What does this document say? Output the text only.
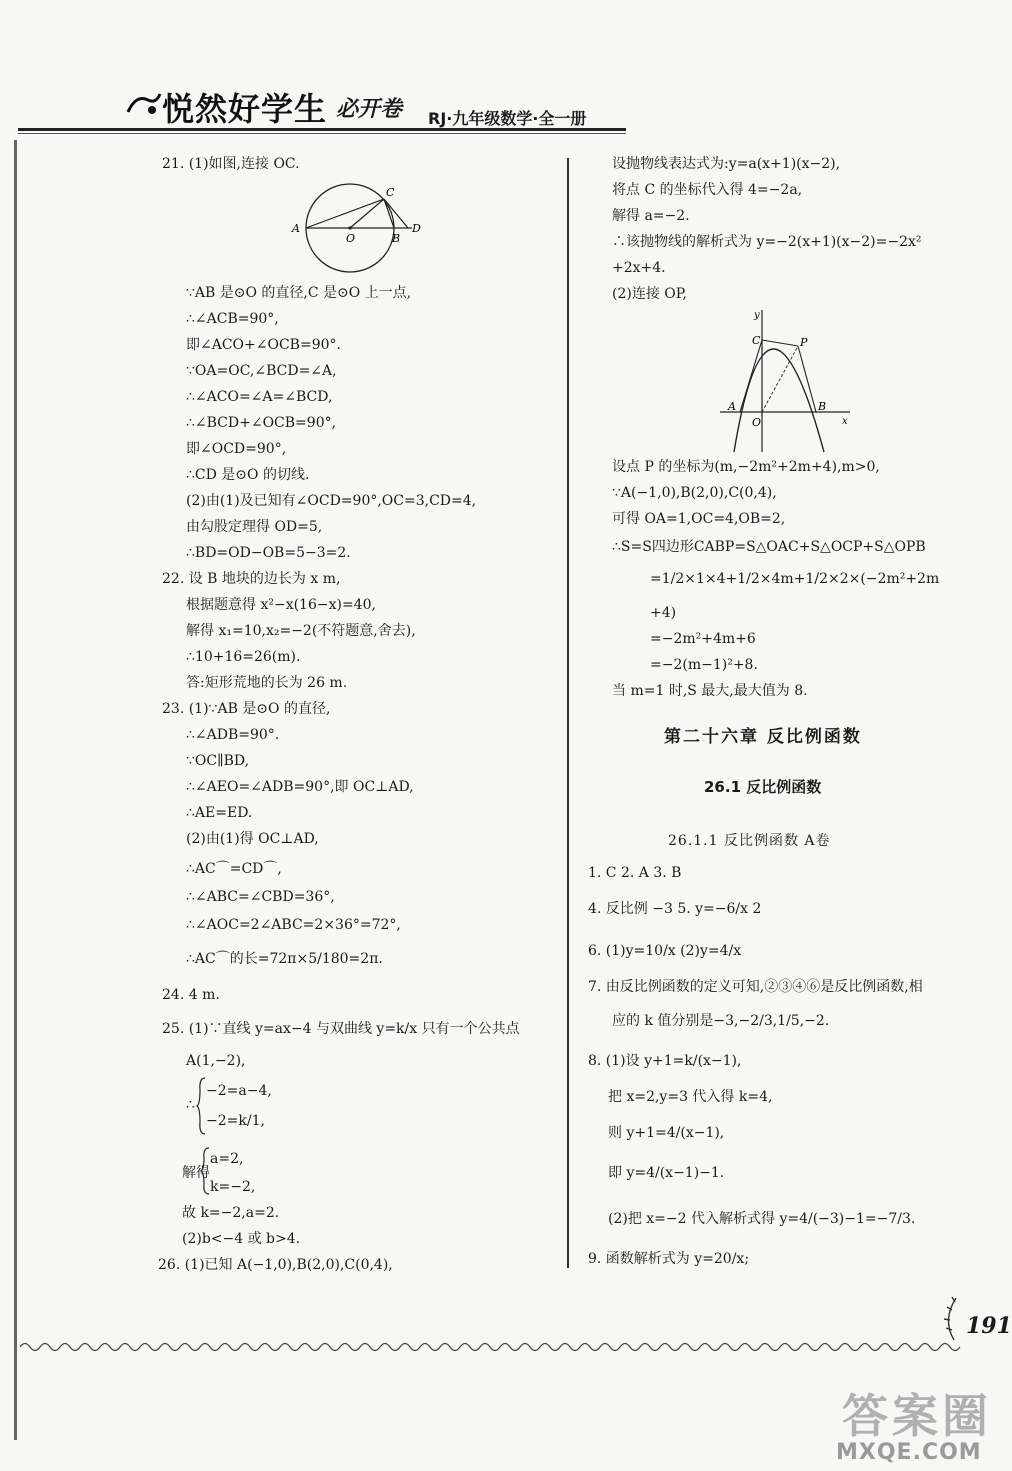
悦然好学生 必开卷 RJ·九年级数学·全一册
21. (1)如图,连接 OC.
∵AB 是⊙O 的直径,C 是⊙O 上一点,
∴∠ACB=90°,
即∠ACO+∠OCB=90°.
∵OA=OC,∠BCD=∠A,
∴∠ACO=∠A=∠BCD,
∴∠BCD+∠OCB=90°,
即∠OCD=90°,
∴CD 是⊙O 的切线.
(2)由(1)及已知有∠OCD=90°,OC=3,CD=4,
由勾股定理得 OD=5,
∴BD=OD−OB=5−3=2.
22. 设 B 地块的边长为 x m,
根据题意得 x²−x(16−x)=40,
解得 x₁=10,x₂=−2(不符题意,舍去),
∴10+16=26(m).
答:矩形荒地的长为 26 m.
23. (1)∵AB 是⊙O 的直径,
∴∠ADB=90°.
∵OC∥BD,
∴∠AEO=∠ADB=90°,即 OC⊥AD,
∴AE=ED.
(2)由(1)得 OC⊥AD,
∴AC⌒=CD⌒,
∴∠ABC=∠CBD=36°,
∴∠AOC=2∠ABC=2×36°=72°,
∴AC⌒的长=72π×5/180=2π.
24. 4 m.
25. (1)∵直线 y=ax−4 与双曲线 y=k/x 只有一个公共点
A(1,−2),
−2=a−4,
∴
−2=k/1,
a=2,
解得
k=−2,
故 k=−2,a=2.
(2)b<−4 或 b>4.
26. (1)已知 A(−1,0),B(2,0),C(0,4),
设抛物线表达式为:y=a(x+1)(x−2),
将点 C 的坐标代入得 4=−2a,
解得 a=−2.
∴该抛物线的解析式为 y=−2(x+1)(x−2)=−2x²
+2x+4.
(2)连接 OP,
设点 P 的坐标为(m,−2m²+2m+4),m>0,
∵A(−1,0),B(2,0),C(0,4),
可得 OA=1,OC=4,OB=2,
∴S=S四边形CABP=S△OAC+S△OCP+S△OPB
=1/2×1×4+1/2×4m+1/2×2×(−2m²+2m
+4)
=−2m²+4m+6
=−2(m−1)²+8.
当 m=1 时,S 最大,最大值为 8.
1. C 2. A 3. B
4. 反比例 −3 5. y=−6/x 2
6. (1)y=10/x (2)y=4/x
7. 由反比例函数的定义可知,②③④⑥是反比例函数,相
应的 k 值分别是−3,−2/3,1/5,−2.
8. (1)设 y+1=k/(x−1),
把 x=2,y=3 代入得 k=4,
则 y+1=4/(x−1),
即 y=4/(x−1)−1.
(2)把 x=−2 代入解析式得 y=4/(−3)−1=−7/3.
9. 函数解析式为 y=20/x;
A
O	B
C
D
y
C	P
A
O
B
x
第二十六章 反比例函数
26.1 反比例函数
26.1.1 反比例函数 A卷
191
答案圈
MXQE.COM
